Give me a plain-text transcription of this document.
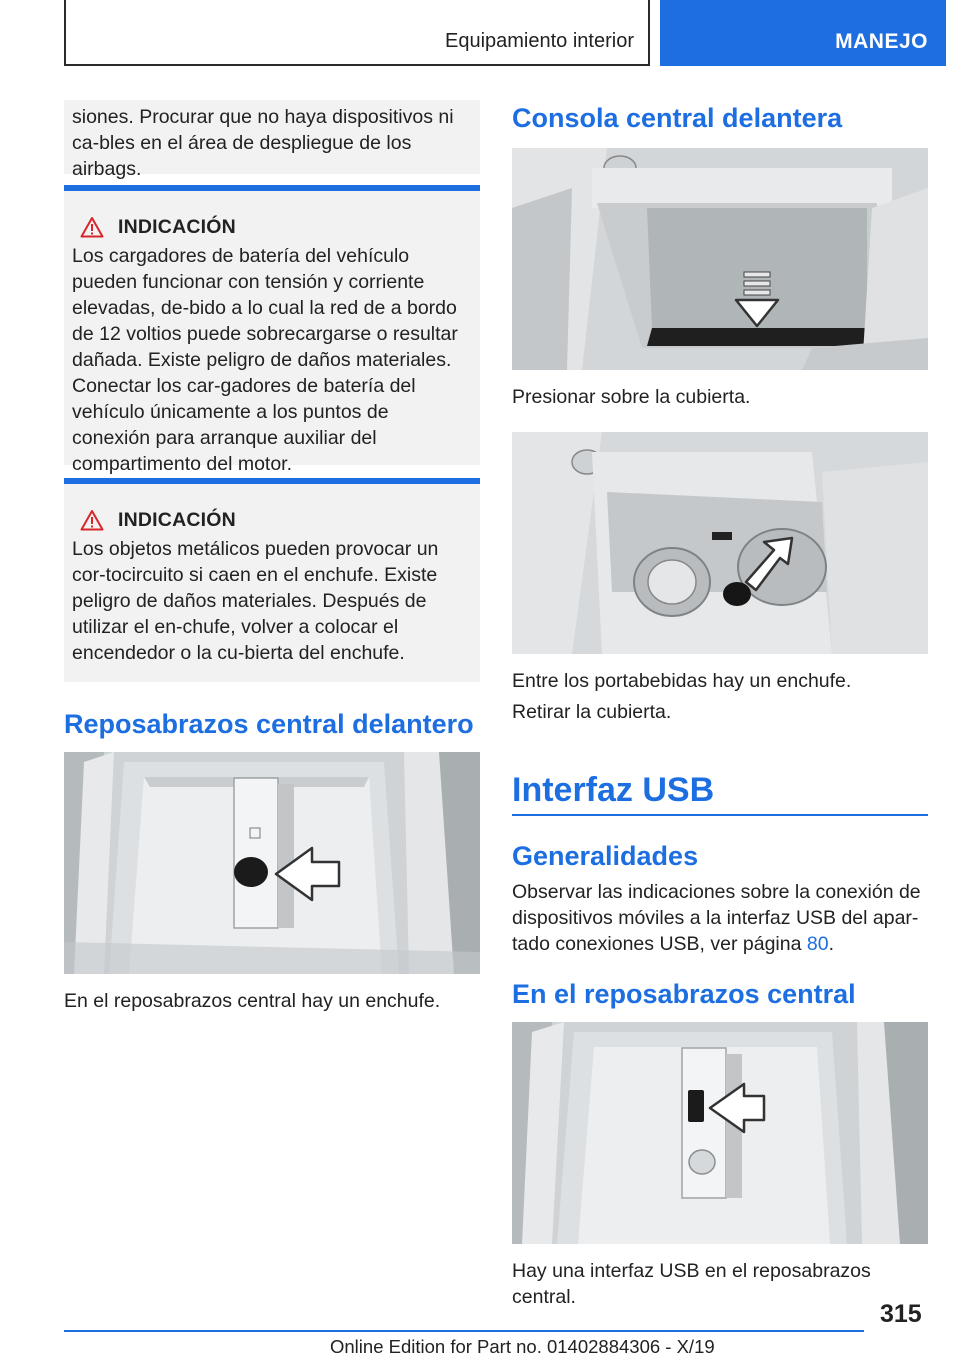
Equipamiento interior	MANEJO

siones. Procurar que no haya dispositivos ni ca-bles en el área de despliegue de los airbags.

INDICACIÓN

Los cargadores de batería del vehículo pueden funcionar con tensión y corriente elevadas, de-bido a lo cual la red de a bordo de 12 voltios puede sobrecargarse o resultar dañada. Existe peligro de daños materiales. Conectar los car-gadores de batería del vehículo únicamente a los puntos de conexión para arranque auxiliar del compartimento del motor.

INDICACIÓN

Los objetos metálicos pueden provocar un cor-tocircuito si caen en el enchufe. Existe peligro de daños materiales. Después de utilizar el en-chufe, volver a colocar el encendedor o la cu-bierta del enchufe.

Reposabrazos central delantero

En el reposabrazos central hay un enchufe.

Consola central delantera

Presionar sobre la cubierta.

Entre los portabebidas hay un enchufe.

Retirar la cubierta.

Interfaz USB
Generalidades

Observar las indicaciones sobre la conexión de dispositivos móviles a la interfaz USB del apar-tado conexiones USB, ver página 80.

En el reposabrazos central

Hay una interfaz USB en el reposabrazos central.

315
Online Edition for Part no. 01402884306 - X/19
